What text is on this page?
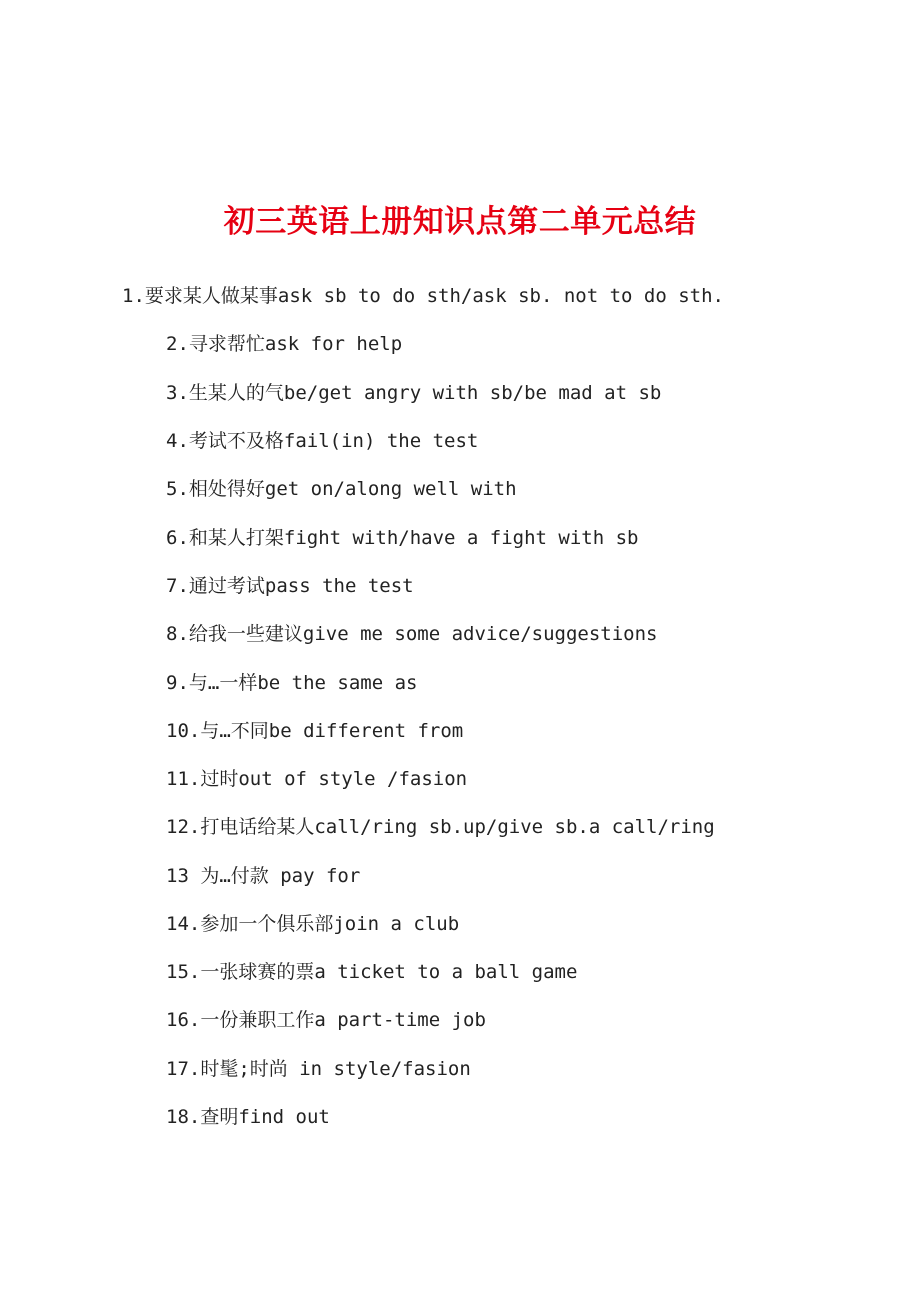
初三英语上册知识点第二单元总结
1.要求某人做某事ask sb to do sth/ask sb. not to do sth.
2.寻求帮忙ask for help
3.生某人的气be/get angry with sb/be mad at sb
4.考试不及格fail(in) the test
5.相处得好get on/along well with
6.和某人打架fight with/have a fight with sb
7.通过考试pass the test
8.给我一些建议give me some advice/suggestions
9.与…一样be the same as
10.与…不同be different from
11.过时out of style /fasion
12.打电话给某人call/ring sb.up/give sb.a call/ring
13 为…付款 pay for
14.参加一个俱乐部join a club
15.一张球赛的票a ticket to a ball game
16.一份兼职工作a part-time job
17.时髦;时尚 in style/fasion
18.查明find out
